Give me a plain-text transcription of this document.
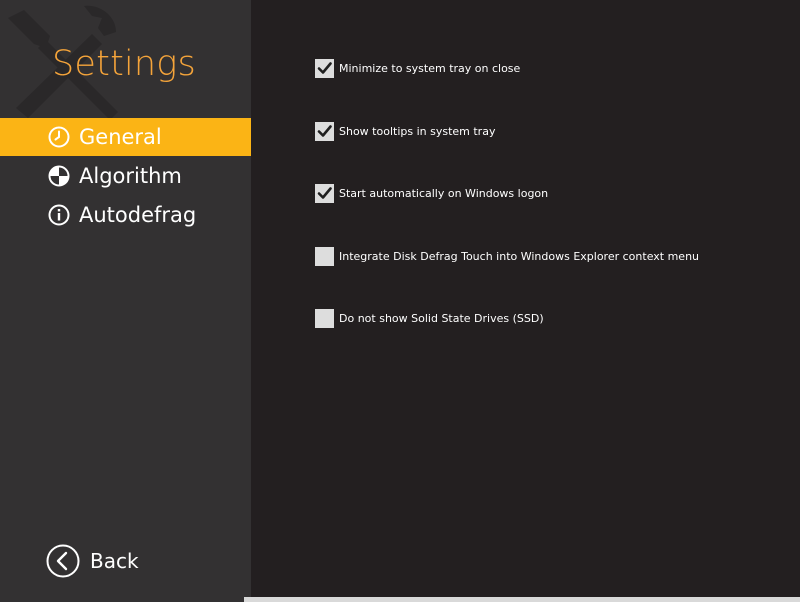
Settings
General
Algorithm
Autodefrag
Back
Minimize to system tray on close
Show tooltips in system tray
Start automatically on Windows logon
Integrate Disk Defrag Touch into Windows Explorer context menu
Do not show Solid State Drives (SSD)
